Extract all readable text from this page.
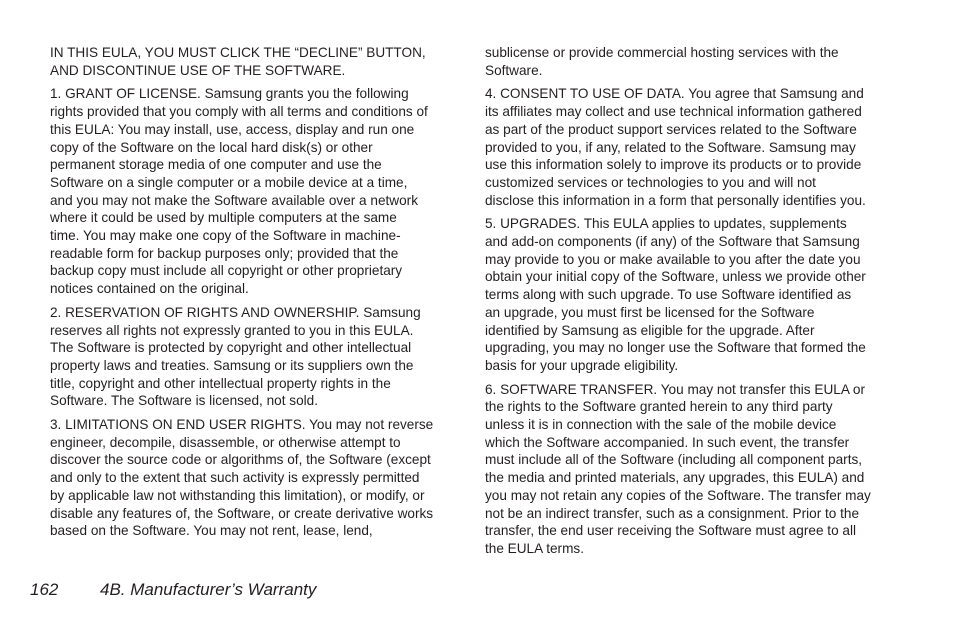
IN THIS EULA, YOU MUST CLICK THE “DECLINE” BUTTON,
AND DISCONTINUE USE OF THE SOFTWARE.

1. GRANT OF LICENSE. Samsung grants you the following
rights provided that you comply with all terms and conditions of
this EULA: You may install, use, access, display and run one
copy of the Software on the local hard disk(s) or other
permanent storage media of one computer and use the
Software on a single computer or a mobile device at a time,
and you may not make the Software available over a network
where it could be used by multiple computers at the same
time. You may make one copy of the Software in machine-
readable form for backup purposes only; provided that the
backup copy must include all copyright or other proprietary
notices contained on the original.

2. RESERVATION OF RIGHTS AND OWNERSHIP. Samsung
reserves all rights not expressly granted to you in this EULA.
The Software is protected by copyright and other intellectual
property laws and treaties. Samsung or its suppliers own the
title, copyright and other intellectual property rights in the
Software. The Software is licensed, not sold.

3. LIMITATIONS ON END USER RIGHTS. You may not reverse
engineer, decompile, disassemble, or otherwise attempt to
discover the source code or algorithms of, the Software (except
and only to the extent that such activity is expressly permitted
by applicable law not withstanding this limitation), or modify, or
disable any features of, the Software, or create derivative works
based on the Software. You may not rent, lease, lend,

sublicense or provide commercial hosting services with the
Software.

4. CONSENT TO USE OF DATA. You agree that Samsung and
its affiliates may collect and use technical information gathered
as part of the product support services related to the Software
provided to you, if any, related to the Software. Samsung may
use this information solely to improve its products or to provide
customized services or technologies to you and will not
disclose this information in a form that personally identifies you.

5. UPGRADES. This EULA applies to updates, supplements
and add-on components (if any) of the Software that Samsung
may provide to you or make available to you after the date you
obtain your initial copy of the Software, unless we provide other
terms along with such upgrade. To use Software identified as
an upgrade, you must first be licensed for the Software
identified by Samsung as eligible for the upgrade. After
upgrading, you may no longer use the Software that formed the
basis for your upgrade eligibility.

6. SOFTWARE TRANSFER. You may not transfer this EULA or
the rights to the Software granted herein to any third party
unless it is in connection with the sale of the mobile device
which the Software accompanied. In such event, the transfer
must include all of the Software (including all component parts,
the media and printed materials, any upgrades, this EULA) and
you may not retain any copies of the Software. The transfer may
not be an indirect transfer, such as a consignment. Prior to the
transfer, the end user receiving the Software must agree to all
the EULA terms.

162 4B. Manufacturer’s Warranty
